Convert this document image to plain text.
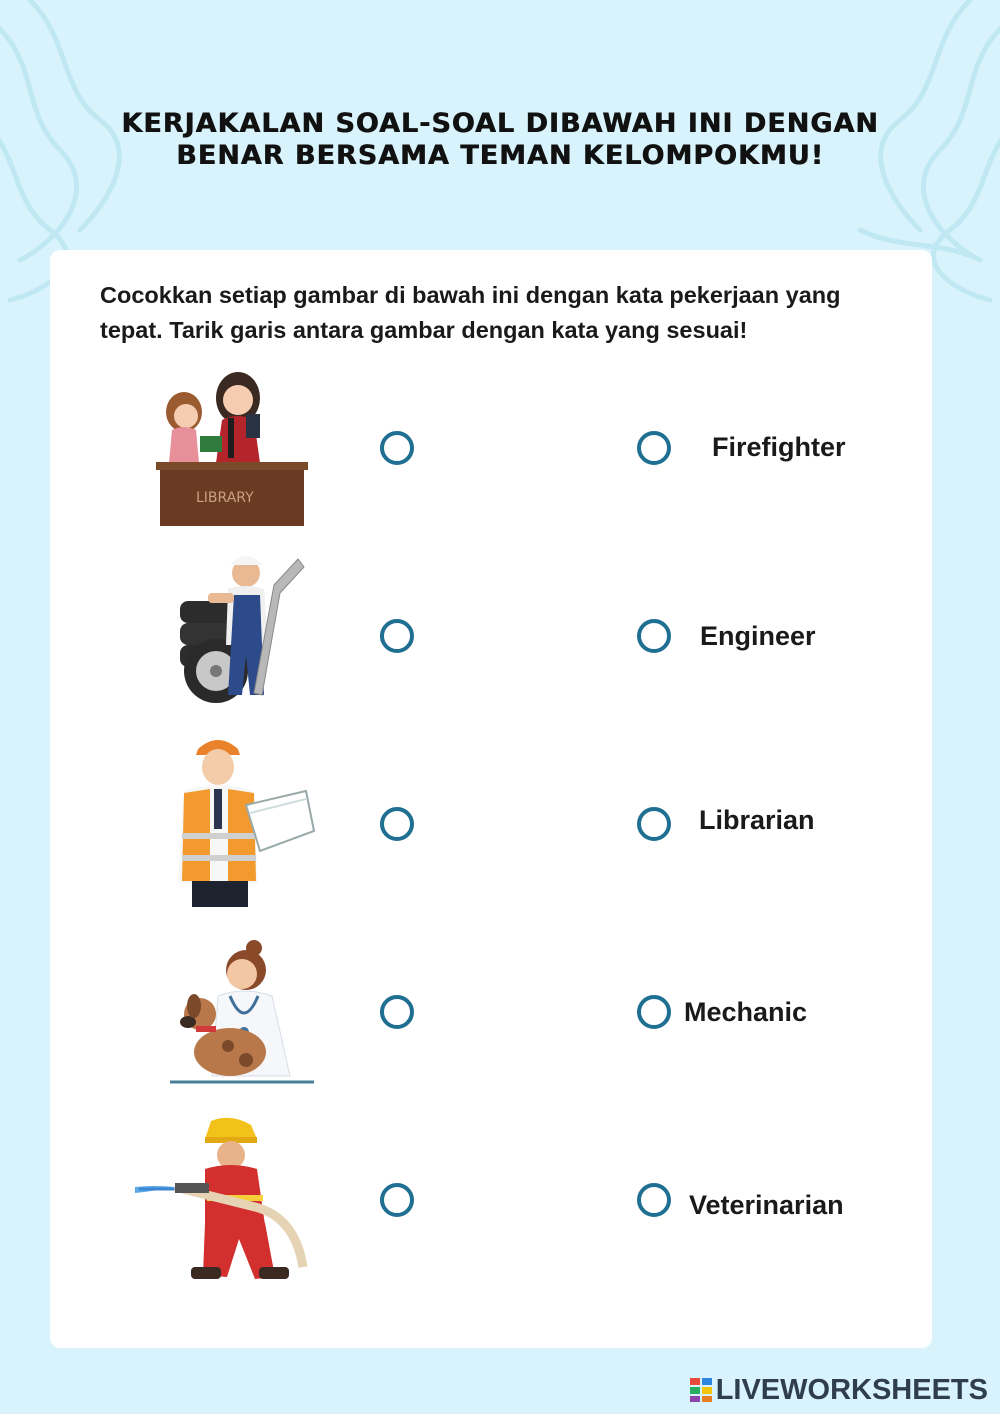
KERJAKALAN SOAL-SOAL DIBAWAH INI DENGAN
BENAR BERSAMA TEMAN KELOMPOKMU!

Cocokkan setiap gambar di bawah ini dengan kata pekerjaan yang
tepat. Tarik garis antara gambar dengan kata yang sesuai!

LIBRARY
Firefighter
Engineer
Librarian
Mechanic
Veterinarian
LIVEWORKSHEETS
